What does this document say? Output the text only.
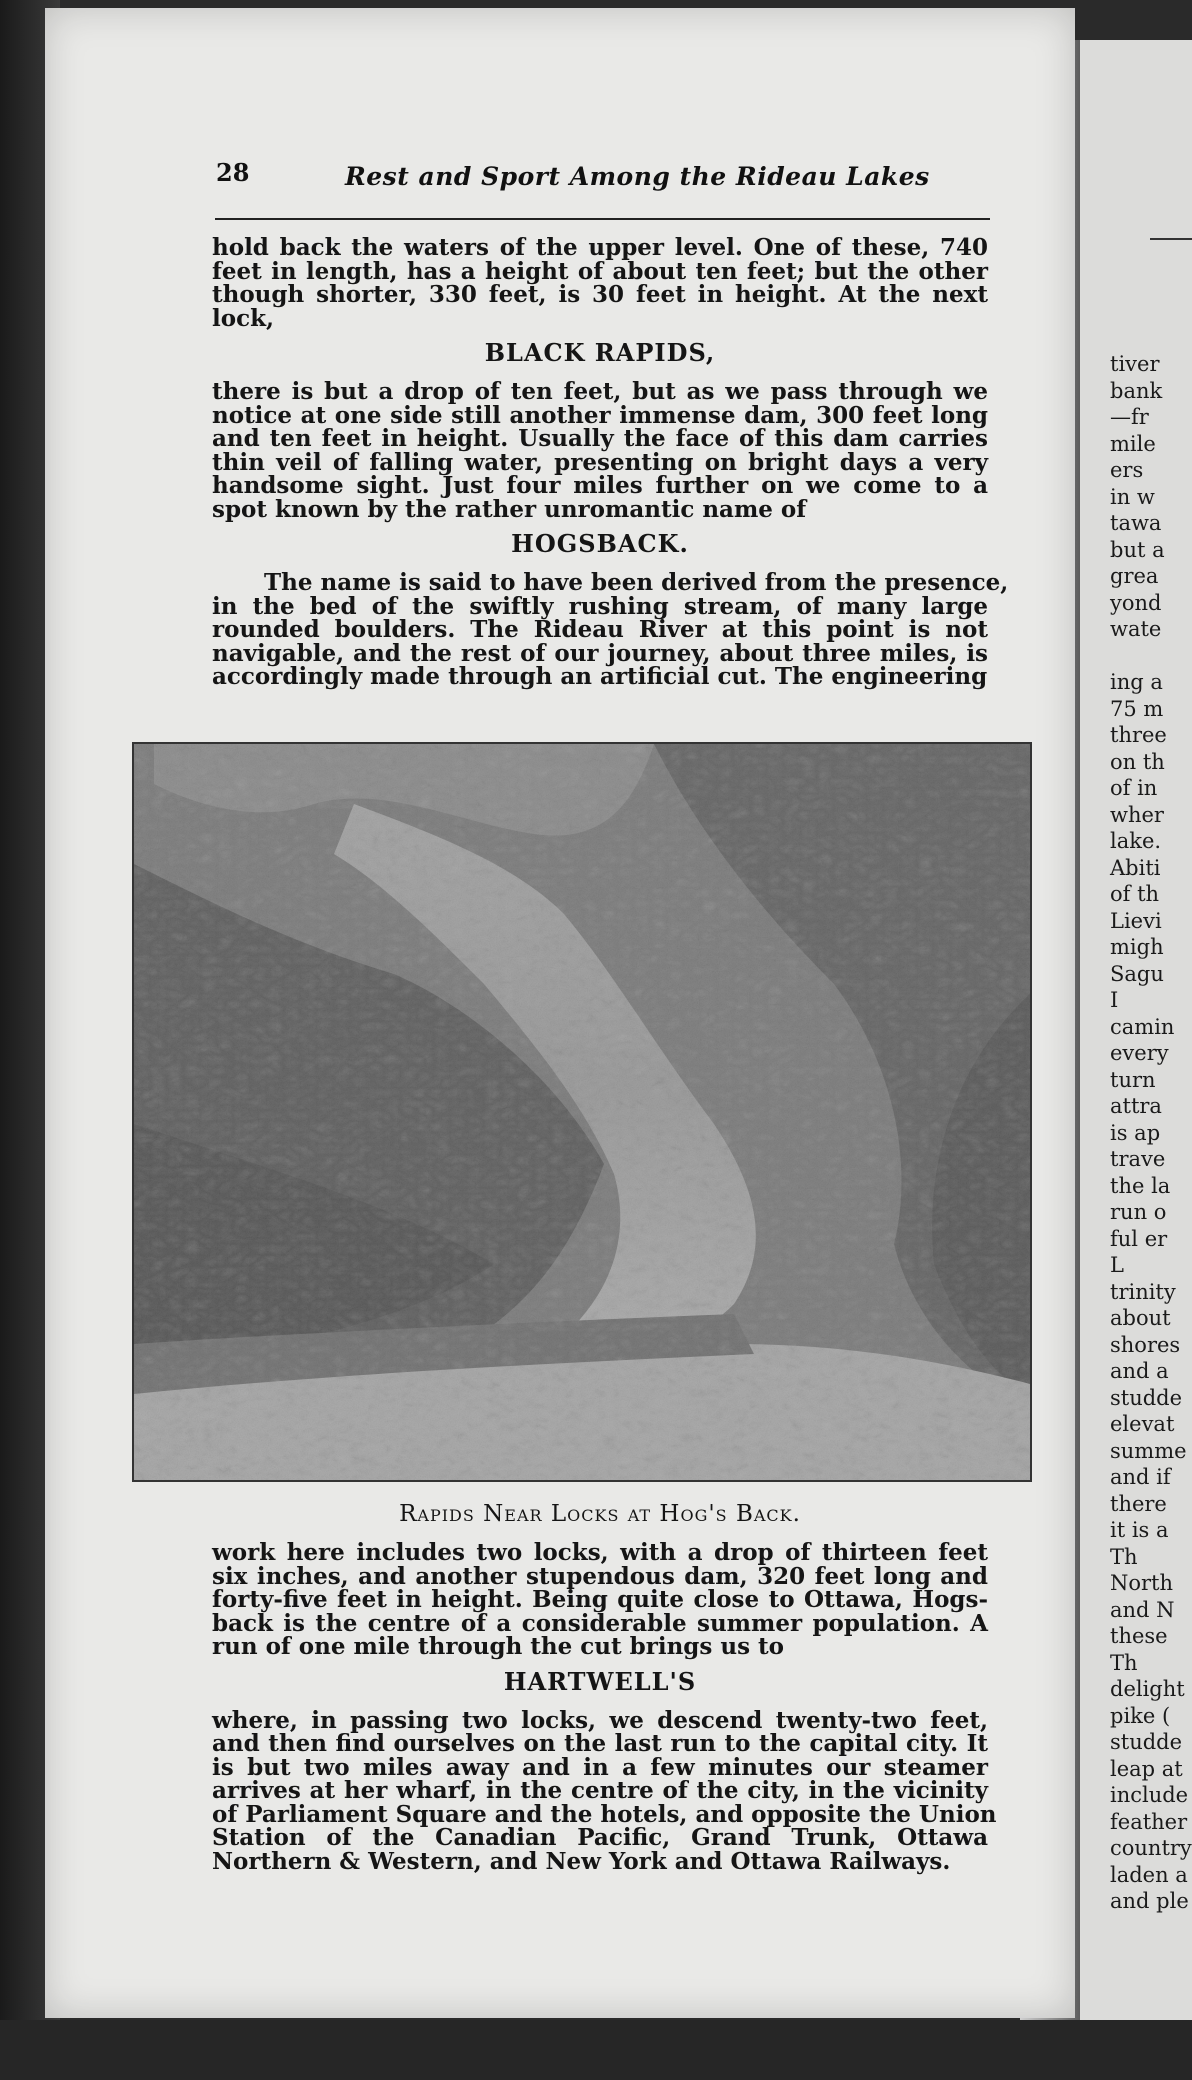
tiver
bank
—fr
mile
ers
in w
tawa
but a
grea
yond
wate
ing a
75 m
three
on th
of in
wher
lake.
Abiti
of th
Lievi
migh
Sagu
I
camin
every
turn
attra
is ap
trave
the la
run o
ful er
L
trinity
about
shores
and a
studde
elevat
summe
and if
there
it is a
Th
North
and N
these
Th
delight
pike (
studde
leap at
include
feather
country
laden a
and ple
28	Rest and Sport Among the Rideau Lakes
Rapids Near Locks at Hog's Back.
hold back the waters of the upper level. One of these, 740
feet in length, has a height of about ten feet; but the other
though shorter, 330 feet, is 30 feet in height. At the next
lock,
BLACK RAPIDS,
there is but a drop of ten feet, but as we pass through we
notice at one side still another immense dam, 300 feet long
and ten feet in height. Usually the face of this dam carries
thin veil of falling water, presenting on bright days a very
handsome sight. Just four miles further on we come to a
spot known by the rather unromantic name of
HOGSBACK.
The name is said to have been derived from the presence,
in the bed of the swiftly rushing stream, of many large
rounded boulders. The Rideau River at this point is not
navigable, and the rest of our journey, about three miles, is
accordingly made through an artificial cut. The engineering
work here includes two locks, with a drop of thirteen feet
six inches, and another stupendous dam, 320 feet long and
forty-five feet in height. Being quite close to Ottawa, Hogs-
back is the centre of a considerable summer population. A
run of one mile through the cut brings us to
HARTWELL'S
where, in passing two locks, we descend twenty-two feet,
and then find ourselves on the last run to the capital city. It
is but two miles away and in a few minutes our steamer
arrives at her wharf, in the centre of the city, in the vicinity
of Parliament Square and the hotels, and opposite the Union
Station of the Canadian Pacific, Grand Trunk, Ottawa
Northern & Western, and New York and Ottawa Railways.
